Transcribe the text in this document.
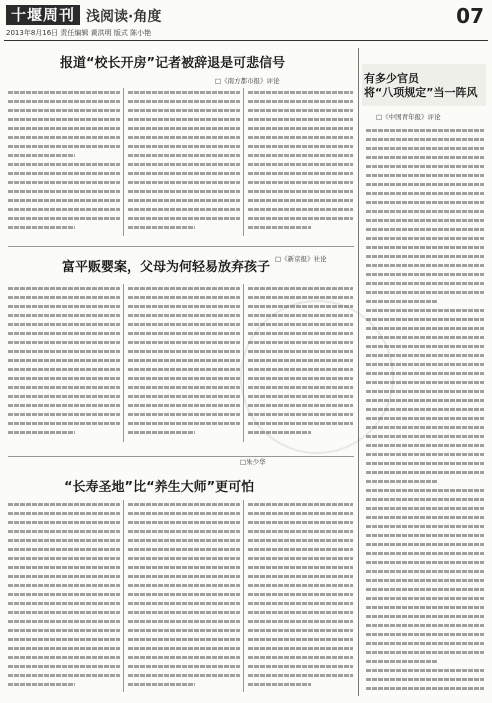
十堰周刊 浅阅读·角度
2013年8月16日 责任编辑 黄洪明 版式 陈小艳
07
报道“校长开房”记者被辞退是可悲信号
□《南方都市报》评论
富平贩婴案，父母为何轻易放弃孩子
□《新京报》社论
□朱少华
“长寿圣地”比“养生大师”更可怕
有多少官员
将“八项规定”当一阵风
□《中国青年报》评论
